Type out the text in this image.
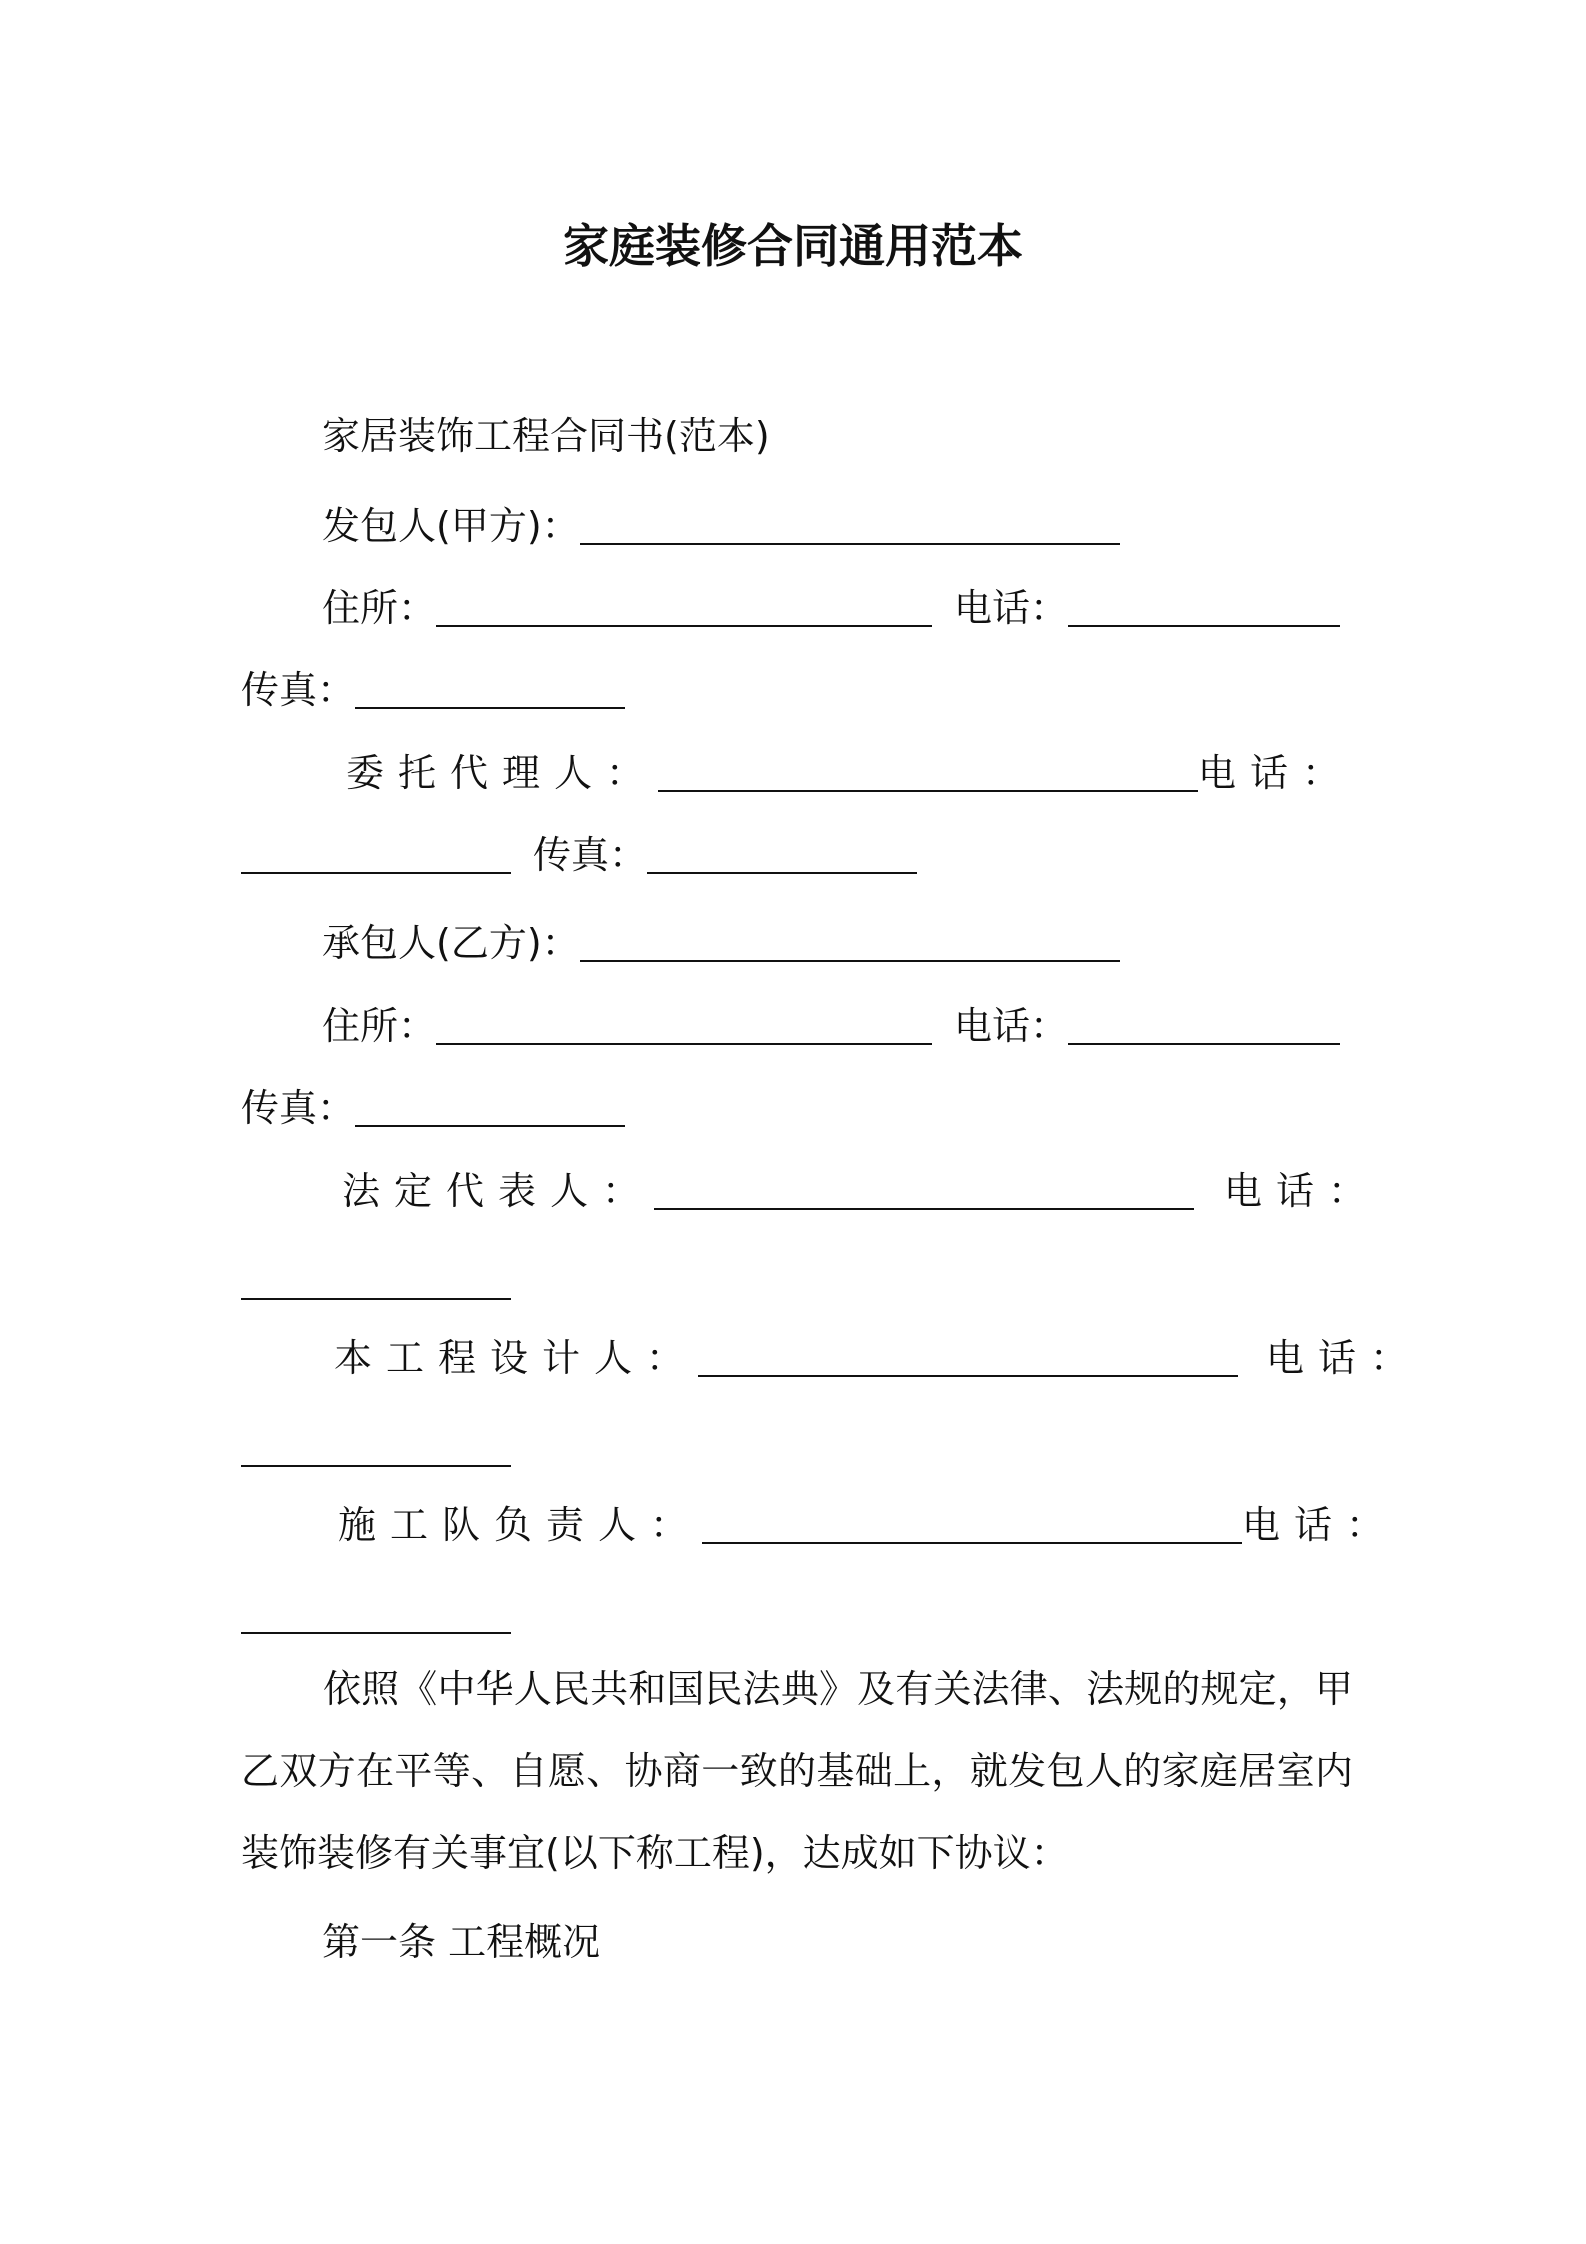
家庭装修合同通用范本
家居装饰工程合同书(范本)
发包人(甲方)：
住所：	电话：
传真：
委托代理人：	电话：
传真：
承包人(乙方)：
住所：	电话：
传真：
法定代表人：	电话：
本工程设计人：	电话：
施工队负责人：	电话：

依照《中华人民共和国民法典》及有关法律、法规的规定，甲乙双方在平等、自愿、协商一致的基础上，就发包人的家庭居室内装饰装修有关事宜(以下称工程)，达成如下协议：

第一条 工程概况
